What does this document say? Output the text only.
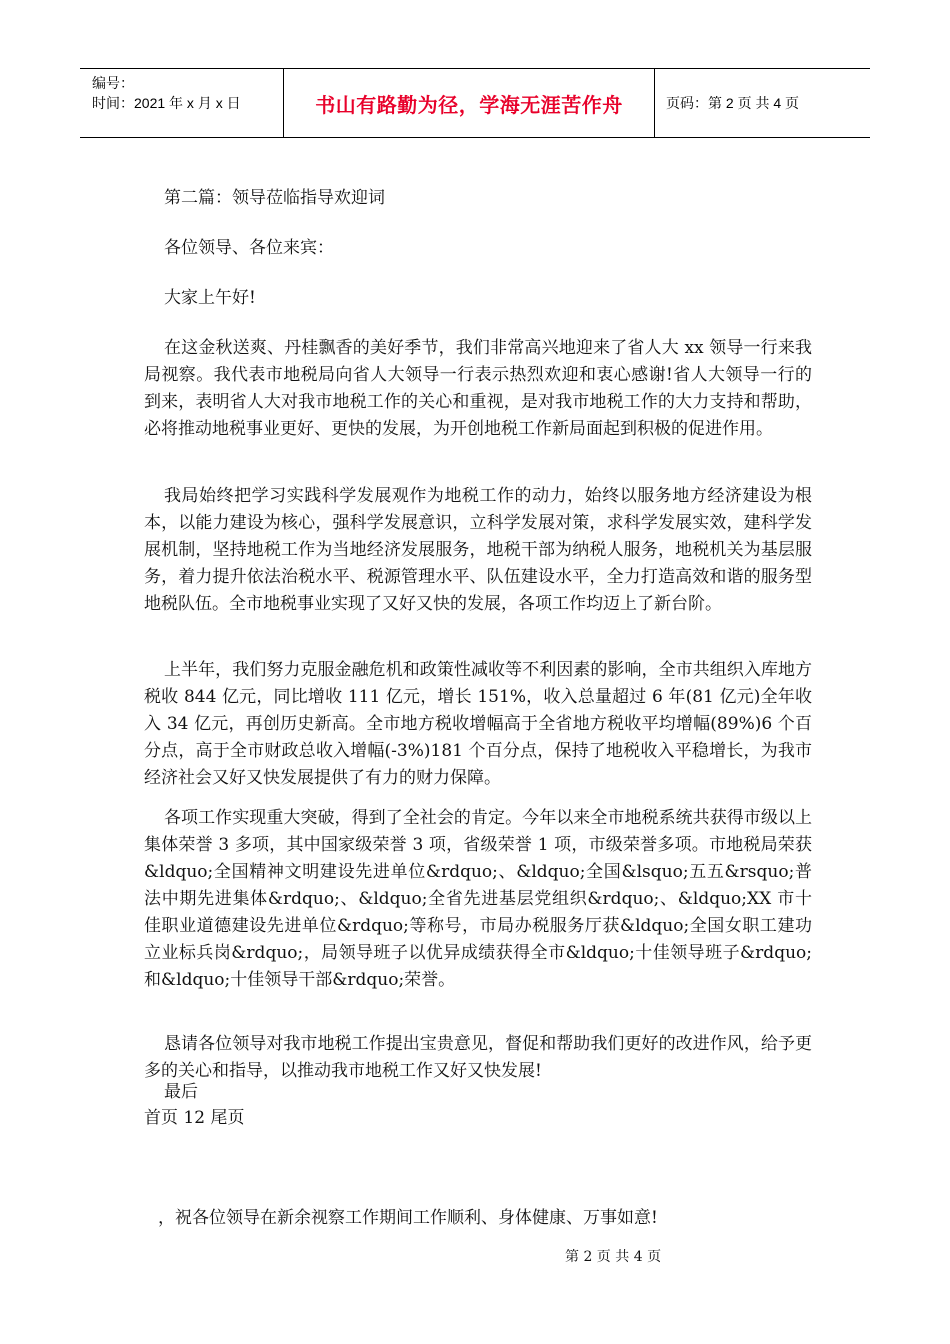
编号：
时间：2021 年 x 月 x 日	书山有路勤为径，学海无涯苦作舟	页码：第 2 页 共 4 页
第二篇：领导莅临指导欢迎词
各位领导、各位来宾：
大家上午好!

在这金秋送爽、丹桂飘香的美好季节，我们非常高兴地迎来了省人大 xx 领导一行来我局视察。我代表市地税局向省人大领导一行表示热烈欢迎和衷心感谢!省人大领导一行的到来，表明省人大对我市地税工作的关心和重视，是对我市地税工作的大力支持和帮助，必将推动地税事业更好、更快的发展，为开创地税工作新局面起到积极的促进作用。

我局始终把学习实践科学发展观作为地税工作的动力，始终以服务地方经济建设为根本，以能力建设为核心，强科学发展意识，立科学发展对策，求科学发展实效，建科学发展机制，坚持地税工作为当地经济发展服务，地税干部为纳税人服务，地税机关为基层服务，着力提升依法治税水平、税源管理水平、队伍建设水平，全力打造高效和谐的服务型地税队伍。全市地税事业实现了又好又快的发展，各项工作均迈上了新台阶。

上半年，我们努力克服金融危机和政策性减收等不利因素的影响，全市共组织入库地方税收 844 亿元，同比增收 111 亿元，增长 151%，收入总量超过 6 年(81 亿元)全年收入 34 亿元，再创历史新高。全市地方税收增幅高于全省地方税收平均增幅(89%)6 个百分点，高于全市财政总收入增幅(-3%)181 个百分点，保持了地税收入平稳增长，为我市经济社会又好又快发展提供了有力的财力保障。

各项工作实现重大突破，得到了全社会的肯定。今年以来全市地税系统共获得市级以上集体荣誉 3 多项，其中国家级荣誉 3 项，省级荣誉 1 项，市级荣誉多项。市地税局荣获&ldquo;全国精神文明建设先进单位&rdquo;、&ldquo;全国&lsquo;五五&rsquo;普法中期先进集体&rdquo;、&ldquo;全省先进基层党组织&rdquo;、&ldquo;XX 市十佳职业道德建设先进单位&rdquo;等称号，市局办税服务厅获&ldquo;全国女职工建功立业标兵岗&rdquo;，局领导班子以优异成绩获得全市&ldquo;十佳领导班子&rdquo;和&ldquo;十佳领导干部&rdquo;荣誉。

恳请各位领导对我市地税工作提出宝贵意见，督促和帮助我们更好的改进作风，给予更多的关心和指导，以推动我市地税工作又好又快发展!

最后
首页 12 尾页
，祝各位领导在新余视察工作期间工作顺利、身体健康、万事如意!
第 2 页 共 4 页
